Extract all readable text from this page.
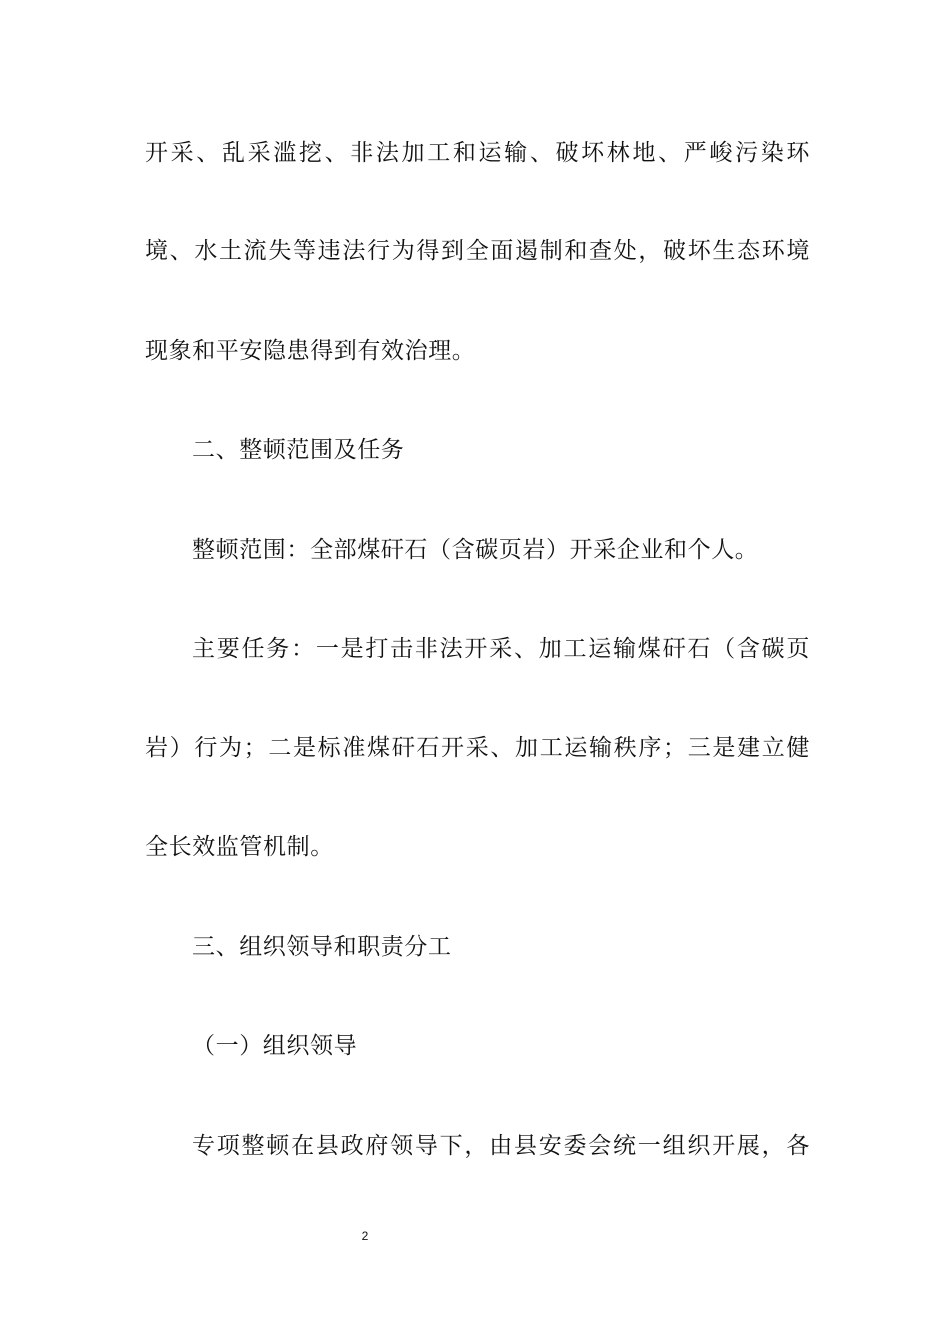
开采、乱采滥挖、非法加工和运输、破坏林地、严峻污染环
境、水土流失等违法行为得到全面遏制和查处，破坏生态环境
现象和平安隐患得到有效治理。
二、整顿范围及任务
整顿范围：全部煤矸石（含碳页岩）开采企业和个人。
主要任务：一是打击非法开采、加工运输煤矸石（含碳页
岩）行为；二是标准煤矸石开采、加工运输秩序；三是建立健
全长效监管机制。
三、组织领导和职责分工
（一）组织领导
专项整顿在县政府领导下，由县安委会统一组织开展，各
2
